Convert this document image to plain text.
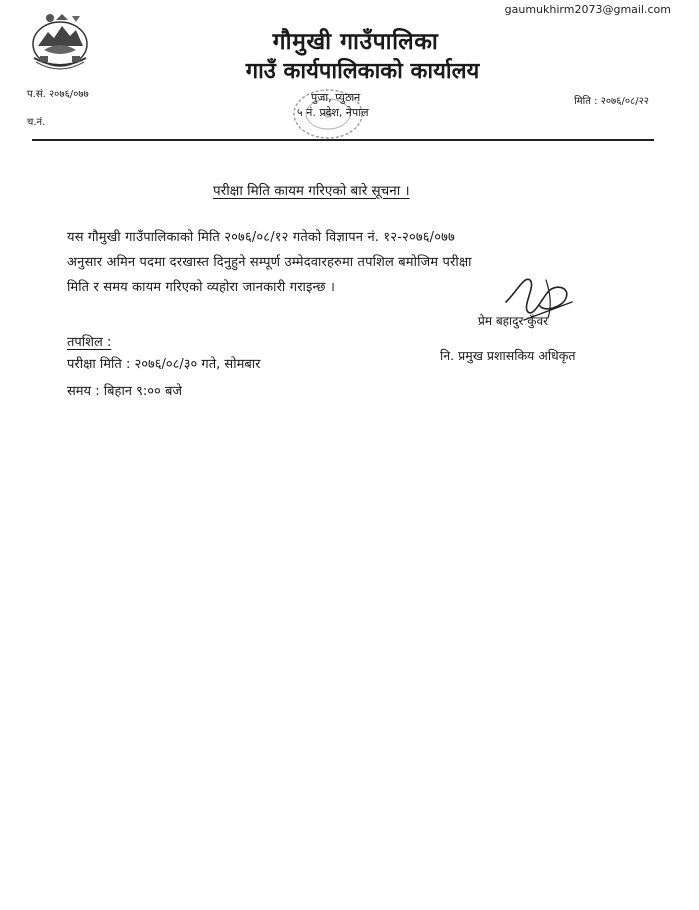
gaumukhirm2073@gmail.com
गौमुखी गाउँपालिका
गाउँ कार्यपालिकाको कार्यालय
प.सं. २०७६/०७७
च.नं.
पुजा, प्युठान
५ नं. प्रदेश, नेपाल
मिति : २०७६/०८/२२
परीक्षा मिति कायम गरिएको बारे सूचना ।
यस गौमुखी गाउँपालिकाको मिति २०७६/०८/१२ गतेको विज्ञापन नं. १२-२०७६/०७७
अनुसार अमिन पदमा दरखास्त दिनुहुने सम्पूर्ण उम्मेदवारहरुमा तपशिल बमोजिम परीक्षा
मिति र समय कायम गरिएको व्यहोरा जानकारी गराइन्छ ।
प्रेम बहादुर कुँवर
नि. प्रमुख प्रशासकिय अधिकृत
तपशिल :
परीक्षा मिति : २०७६/०८/३० गते, सोमबार
समय : बिहान ९:०० बजे
